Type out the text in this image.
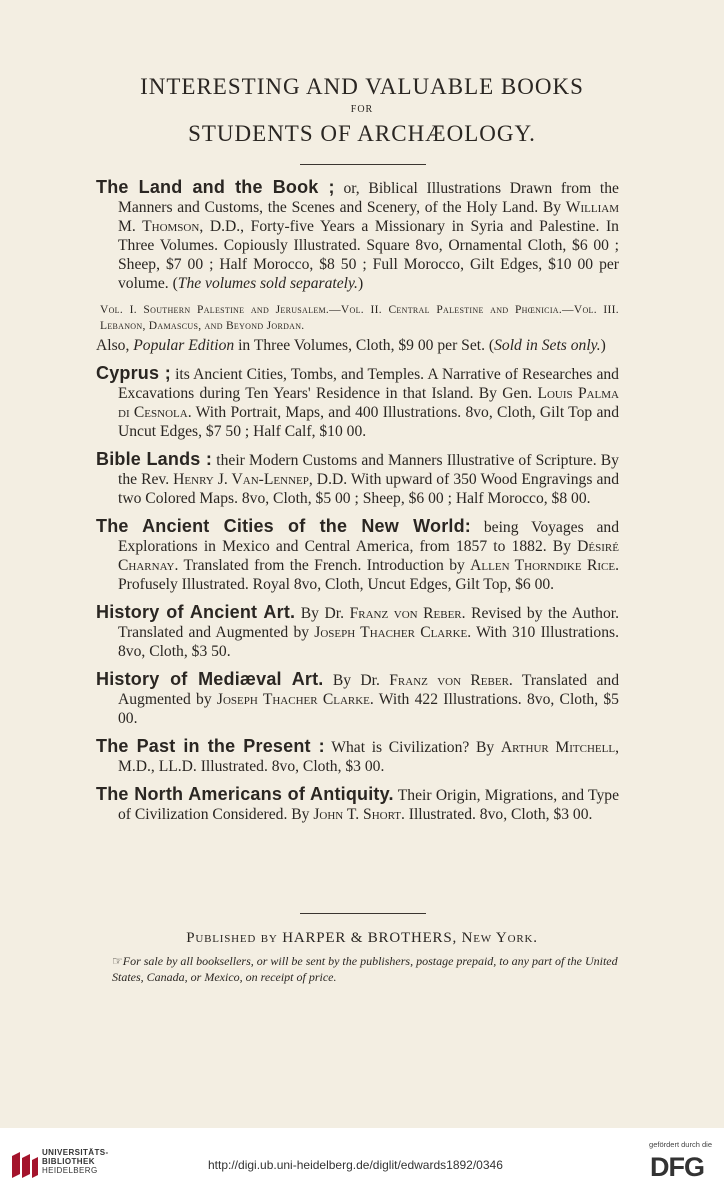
INTERESTING AND VALUABLE BOOKS
FOR
STUDENTS OF ARCHÆOLOGY.

The Land and the Book ; or, Biblical Illustrations Drawn from the Manners and Customs, the Scenes and Scenery, of the Holy Land. By William M. Thomson, D.D., Forty-five Years a Missionary in Syria and Palestine. In Three Volumes. Copiously Illustrated. Square 8vo, Ornamental Cloth, $6 00 ; Sheep, $7 00 ; Half Morocco, $8 50 ; Full Morocco, Gilt Edges, $10 00 per volume. (The volumes sold separately.)

Vol. I. Southern Palestine and Jerusalem.—Vol. II. Central Palestine and Phœnicia.—Vol. III. Lebanon, Damascus, and Beyond Jordan.

Also, Popular Edition in Three Volumes, Cloth, $9 00 per Set. (Sold in Sets only.)

Cyprus ; its Ancient Cities, Tombs, and Temples. A Narrative of Researches and Excavations during Ten Years' Residence in that Island. By Gen. Louis Palma di Cesnola. With Portrait, Maps, and 400 Illustrations. 8vo, Cloth, Gilt Top and Uncut Edges, $7 50 ; Half Calf, $10 00.

Bible Lands : their Modern Customs and Manners Illustrative of Scripture. By the Rev. Henry J. Van-Lennep, D.D. With upward of 350 Wood Engravings and two Colored Maps. 8vo, Cloth, $5 00 ; Sheep, $6 00 ; Half Morocco, $8 00.

The Ancient Cities of the New World: being Voyages and Explorations in Mexico and Central America, from 1857 to 1882. By Désiré Charnay. Translated from the French. Introduction by Allen Thorndike Rice. Profusely Illustrated. Royal 8vo, Cloth, Uncut Edges, Gilt Top, $6 00.

History of Ancient Art. By Dr. Franz von Reber. Revised by the Author. Translated and Augmented by Joseph Thacher Clarke. With 310 Illustrations. 8vo, Cloth, $3 50.

History of Mediæval Art. By Dr. Franz von Reber. Translated and Augmented by Joseph Thacher Clarke. With 422 Illustrations. 8vo, Cloth, $5 00.

The Past in the Present : What is Civilization? By Arthur Mitchell, M.D., LL.D. Illustrated. 8vo, Cloth, $3 00.

The North Americans of Antiquity. Their Origin, Migrations, and Type of Civilization Considered. By John T. Short. Illustrated. 8vo, Cloth, $3 00.

Published by HARPER & BROTHERS, New York.
☞For sale by all booksellers, or will be sent by the publishers, postage prepaid, to any part of the United States, Canada, or Mexico, on receipt of price.
UNIVERSITÄTS-
BIBLIOTHEK
HEIDELBERG	http://digi.ub.uni-heidelberg.de/diglit/edwards1892/0346
gefördert durch die
DFG
